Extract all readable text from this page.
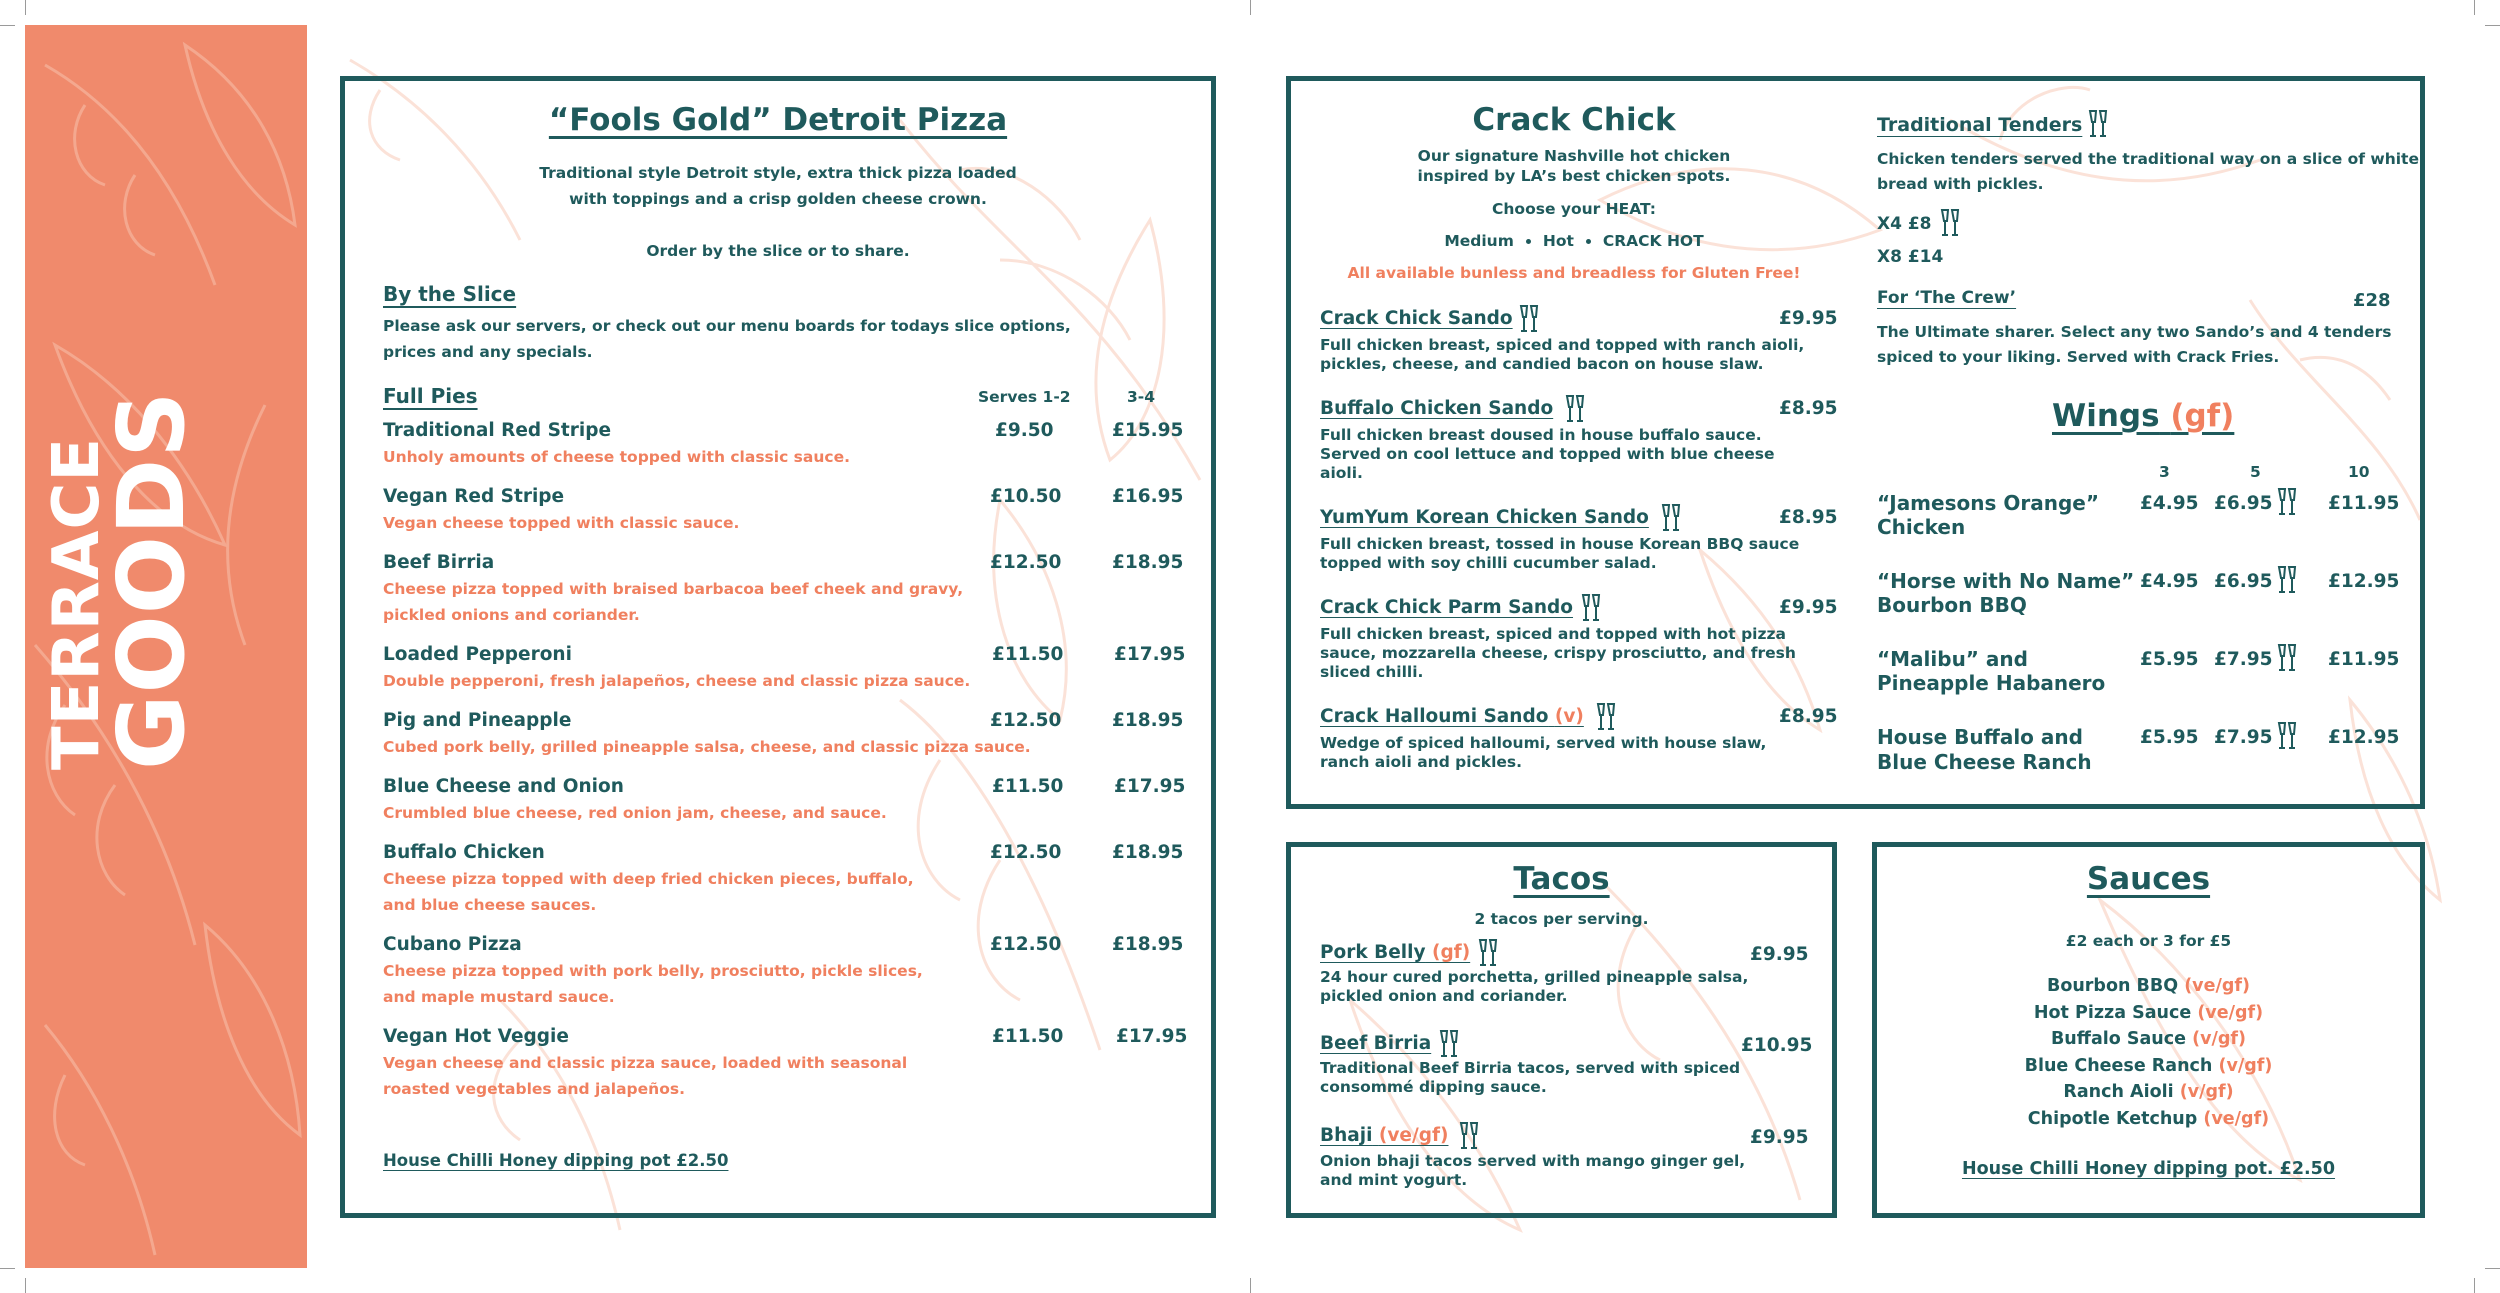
TERRACE
GOODS
“Fools Gold” Detroit Pizza
Traditional style Detroit style, extra thick pizza loaded
with toppings and a crisp golden cheese crown.
Order by the slice or to share.
By the Slice
Please ask our servers, or check out our menu boards for todays slice options,
prices and any specials.
Full Pies	Serves 1-2	3-4
Traditional Red Stripe	£9.50	£15.95
Unholy amounts of cheese topped with classic sauce.
Vegan Red Stripe	£10.50	£16.95
Vegan cheese topped with classic sauce.
Beef Birria	£12.50	£18.95
Cheese pizza topped with braised barbacoa beef cheek and gravy,
pickled onions and coriander.
Loaded Pepperoni	£11.50	£17.95
Double pepperoni, fresh jalapeños, cheese and classic pizza sauce.
Pig and Pineapple	£12.50	£18.95
Cubed pork belly, grilled pineapple salsa, cheese, and classic pizza sauce.
Blue Cheese and Onion	£11.50	£17.95
Crumbled blue cheese, red onion jam, cheese, and sauce.
Buffalo Chicken	£12.50	£18.95
Cheese pizza topped with deep fried chicken pieces, buffalo,
and blue cheese sauces.
Cubano Pizza	£12.50	£18.95
Cheese pizza topped with pork belly, prosciutto, pickle slices,
and maple mustard sauce.
Vegan Hot Veggie	£11.50	£17.95
Vegan cheese and classic pizza sauce, loaded with seasonal
roasted vegetables and jalapeños.
House Chilli Honey dipping pot £2.50
Crack Chick
Our signature Nashville hot chicken
inspired by LA’s best chicken spots.
Choose your HEAT:
Medium Hot CRACK HOT
All available bunless and breadless for Gluten Free!
Crack Chick Sando	£9.95
Full chicken breast, spiced and topped with ranch aioli,
pickles, cheese, and candied bacon on house slaw.
Buffalo Chicken Sando	£8.95
Full chicken breast doused in house buffalo sauce.
Served on cool lettuce and topped with blue cheese
aioli.
YumYum Korean Chicken Sando	£8.95
Full chicken breast, tossed in house Korean BBQ sauce
topped with soy chilli cucumber salad.
Crack Chick Parm Sando	£9.95
Full chicken breast, spiced and topped with hot pizza
sauce, mozzarella cheese, crispy prosciutto, and fresh
sliced chilli.
Crack Halloumi Sando (v)	£8.95
Wedge of spiced halloumi, served with house slaw,
ranch aioli and pickles.
Traditional Tenders
Chicken tenders served the traditional way on a slice of white
bread with pickles.
X4 £8
X8 £14
For ‘The Crew’	£28
The Ultimate sharer. Select any two Sando’s and 4 tenders
spiced to your liking. Served with Crack Fries.
Wings (gf)
3	5	10
“Jamesons Orange”
Chicken
£4.95 £6.95	£11.95
“Horse with No Name”
Bourbon BBQ
£4.95 £6.95	£12.95
“Malibu” and
Pineapple Habanero
£5.95 £7.95	£11.95
House Buffalo and
Blue Cheese Ranch
£5.95 £7.95	£12.95
Tacos
2 tacos per serving.
Pork Belly (gf)	£9.95
24 hour cured porchetta, grilled pineapple salsa,
pickled onion and coriander.
Beef Birria	£10.95
Traditional Beef Birria tacos, served with spiced
consommé dipping sauce.
Bhaji (ve/gf)	£9.95
Onion bhaji tacos served with mango ginger gel,
and mint yogurt.
Sauces
£2 each or 3 for £5
Bourbon BBQ (ve/gf)
Hot Pizza Sauce (ve/gf)
Buffalo Sauce (v/gf)
Blue Cheese Ranch (v/gf)
Ranch Aioli (v/gf)
Chipotle Ketchup (ve/gf)
House Chilli Honey dipping pot. £2.50
